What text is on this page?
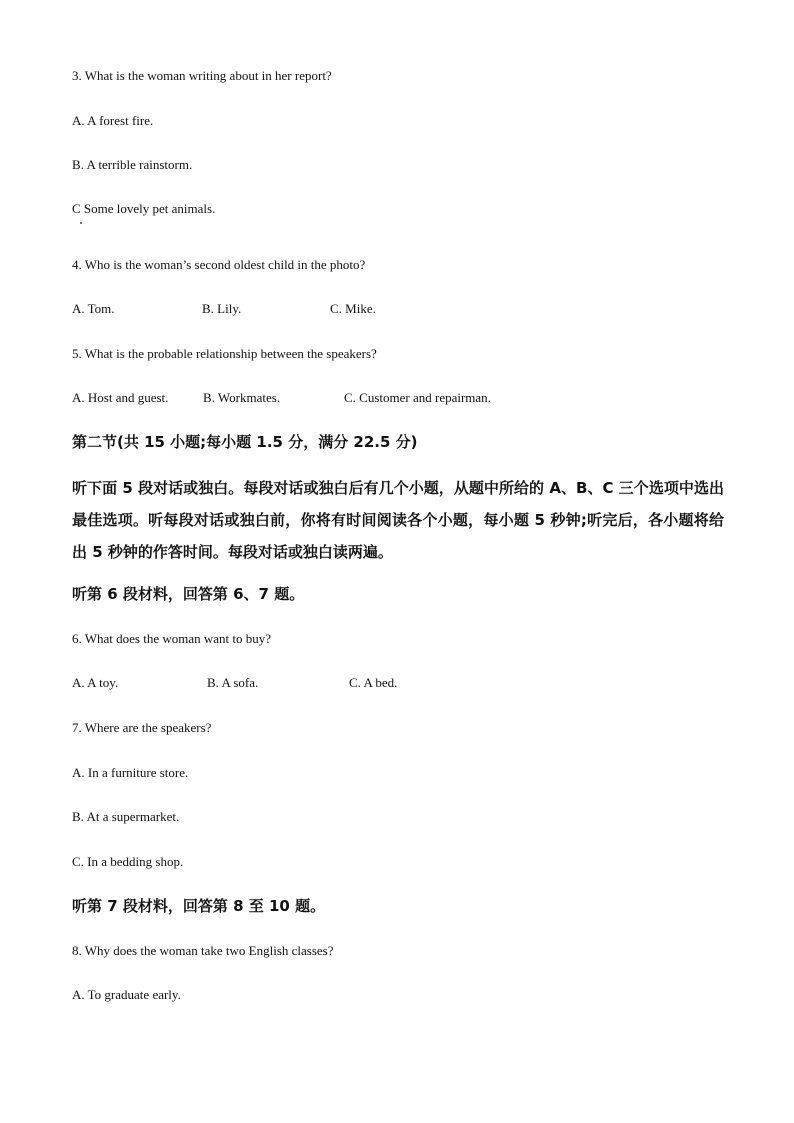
3. What is the woman writing about in her report?
A. A forest fire.
B. A terrible rainstorm.
C Some lovely pet animals.
4. Who is the woman’s second oldest child in the photo?
A. Tom.	B. Lily.	C. Mike.
5. What is the probable relationship between the speakers?
A. Host and guest.	B. Workmates.	C. Customer and repairman.
第二节(共 15 小题;每小题 1.5 分，满分 22.5 分)
听下面 5 段对话或独白。每段对话或独白后有几个小题，从题中所给的 A、B、C 三个选项中选出最佳选项。听每段对话或独白前，你将有时间阅读各个小题，每小题 5 秒钟;听完后，各小题将给出 5 秒钟的作答时间。每段对话或独白读两遍。
听第 6 段材料，回答第 6、7 题。
6. What does the woman want to buy?
A. A toy.	B. A sofa.	C. A bed.
7. Where are the speakers?
A. In a furniture store.
B. At a supermarket.
C. In a bedding shop.
听第 7 段材料，回答第 8 至 10 题。
8. Why does the woman take two English classes?
A. To graduate early.
